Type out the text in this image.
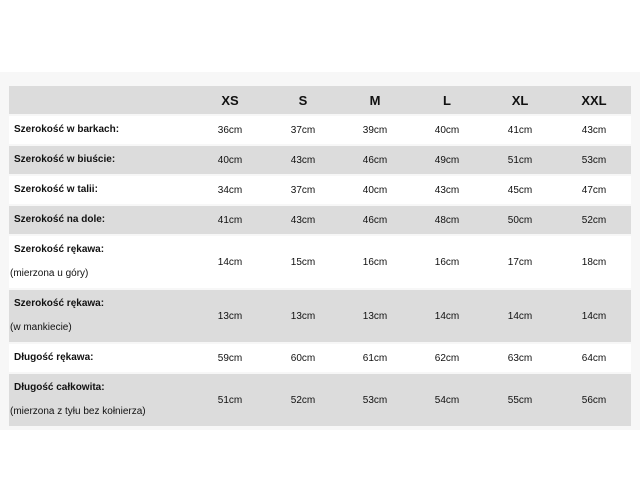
	XS	S	M	L	XL	XXL

Szerokość w barkach:	36cm	37cm	39cm	40cm	41cm	43cm

Szerokość w biuście:	40cm	43cm	46cm	49cm	51cm	53cm

Szerokość w talii:	34cm	37cm	40cm	43cm	45cm	47cm

Szerokość na dole:	41cm	43cm	46cm	48cm	50cm	52cm

Szerokość rękawa:
(mierzona u góry)	14cm	15cm	16cm	16cm	17cm	18cm

Szerokość rękawa:
(w mankiecie)	13cm	13cm	13cm	14cm	14cm	14cm

Długość rękawa:	59cm	60cm	61cm	62cm	63cm	64cm

Długość całkowita:
(mierzona z tyłu bez kołnierza)	51cm	52cm	53cm	54cm	55cm	56cm
